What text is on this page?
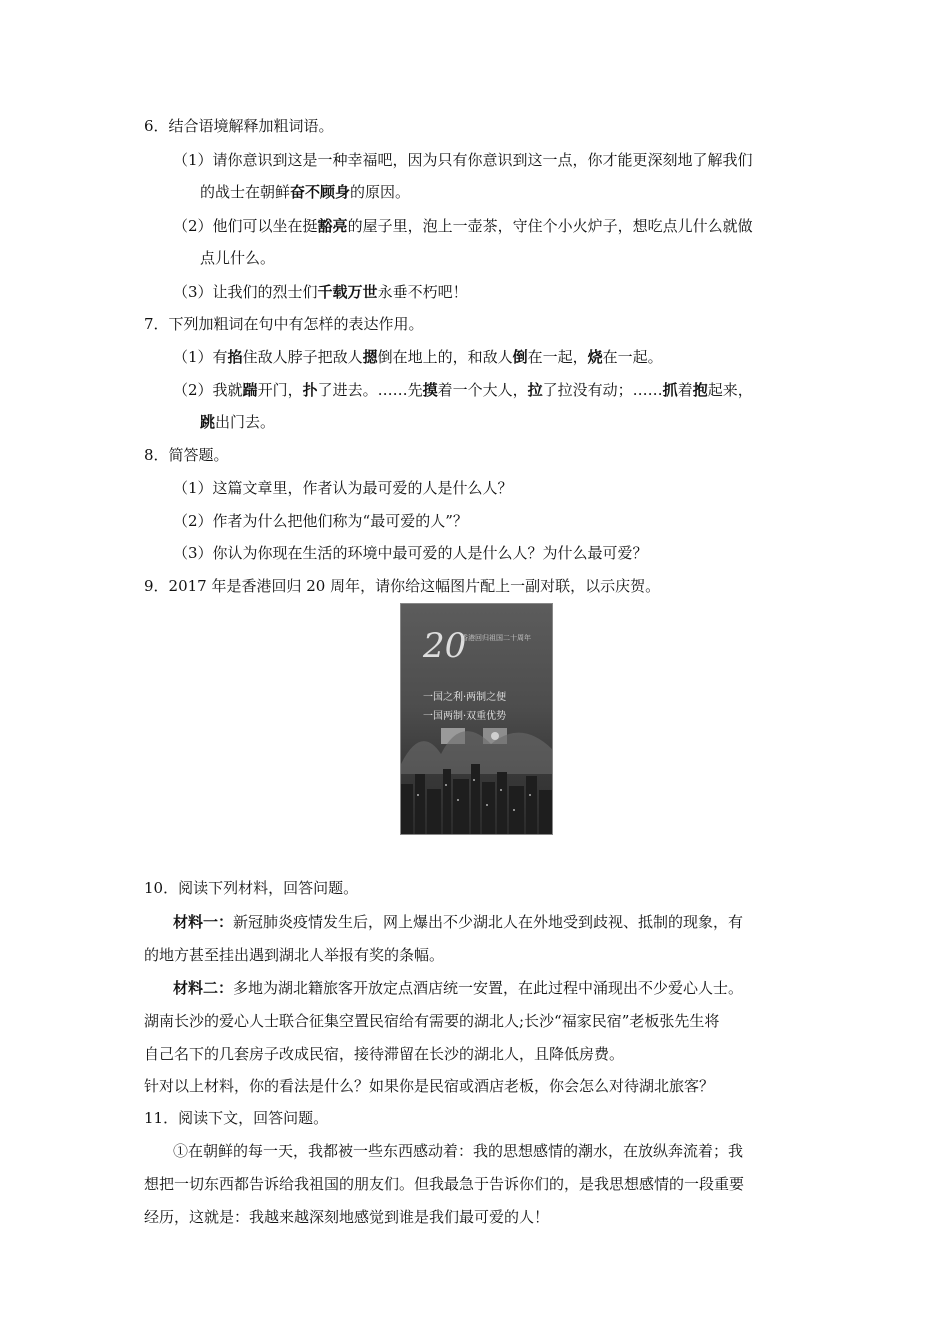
6．结合语境解释加粗词语。
（1）请你意识到这是一种幸福吧，因为只有你意识到这一点，你才能更深刻地了解我们
的战士在朝鲜奋不顾身的原因。
（2）他们可以坐在挺豁亮的屋子里，泡上一壶茶，守住个小火炉子，想吃点儿什么就做
点儿什么。
（3）让我们的烈士们千载万世永垂不朽吧！
7．下列加粗词在句中有怎样的表达作用。
（1）有掐住敌人脖子把敌人摁倒在地上的，和敌人倒在一起，烧在一起。
（2）我就踹开门，扑了进去。……先摸着一个大人，拉了拉没有动；……抓着抱起来，
跳出门去。
8．简答题。
（1）这篇文章里，作者认为最可爱的人是什么人？
（2）作者为什么把他们称为“最可爱的人”？
（3）你认为你现在生活的环境中最可爱的人是什么人？为什么最可爱？
9．2017 年是香港回归 20 周年，请你给这幅图片配上一副对联，以示庆贺。
20
香港回归祖国二十周年
一国之利·两制之便
一国两制·双重优势
10．阅读下列材料，回答问题。
材料一：新冠肺炎疫情发生后，网上爆出不少湖北人在外地受到歧视、抵制的现象，有
的地方甚至挂出遇到湖北人举报有奖的条幅。
材料二：多地为湖北籍旅客开放定点酒店统一安置，在此过程中涌现出不少爱心人士。
湖南长沙的爱心人士联合征集空置民宿给有需要的湖北人;长沙“福家民宿”老板张先生将
自己名下的几套房子改成民宿，接待滞留在长沙的湖北人，且降低房费。
针对以上材料，你的看法是什么？如果你是民宿或酒店老板，你会怎么对待湖北旅客？
11．阅读下文，回答问题。
①在朝鲜的每一天，我都被一些东西感动着：我的思想感情的潮水，在放纵奔流着；我
想把一切东西都告诉给我祖国的朋友们。但我最急于告诉你们的，是我思想感情的一段重要
经历，这就是：我越来越深刻地感觉到谁是我们最可爱的人！
